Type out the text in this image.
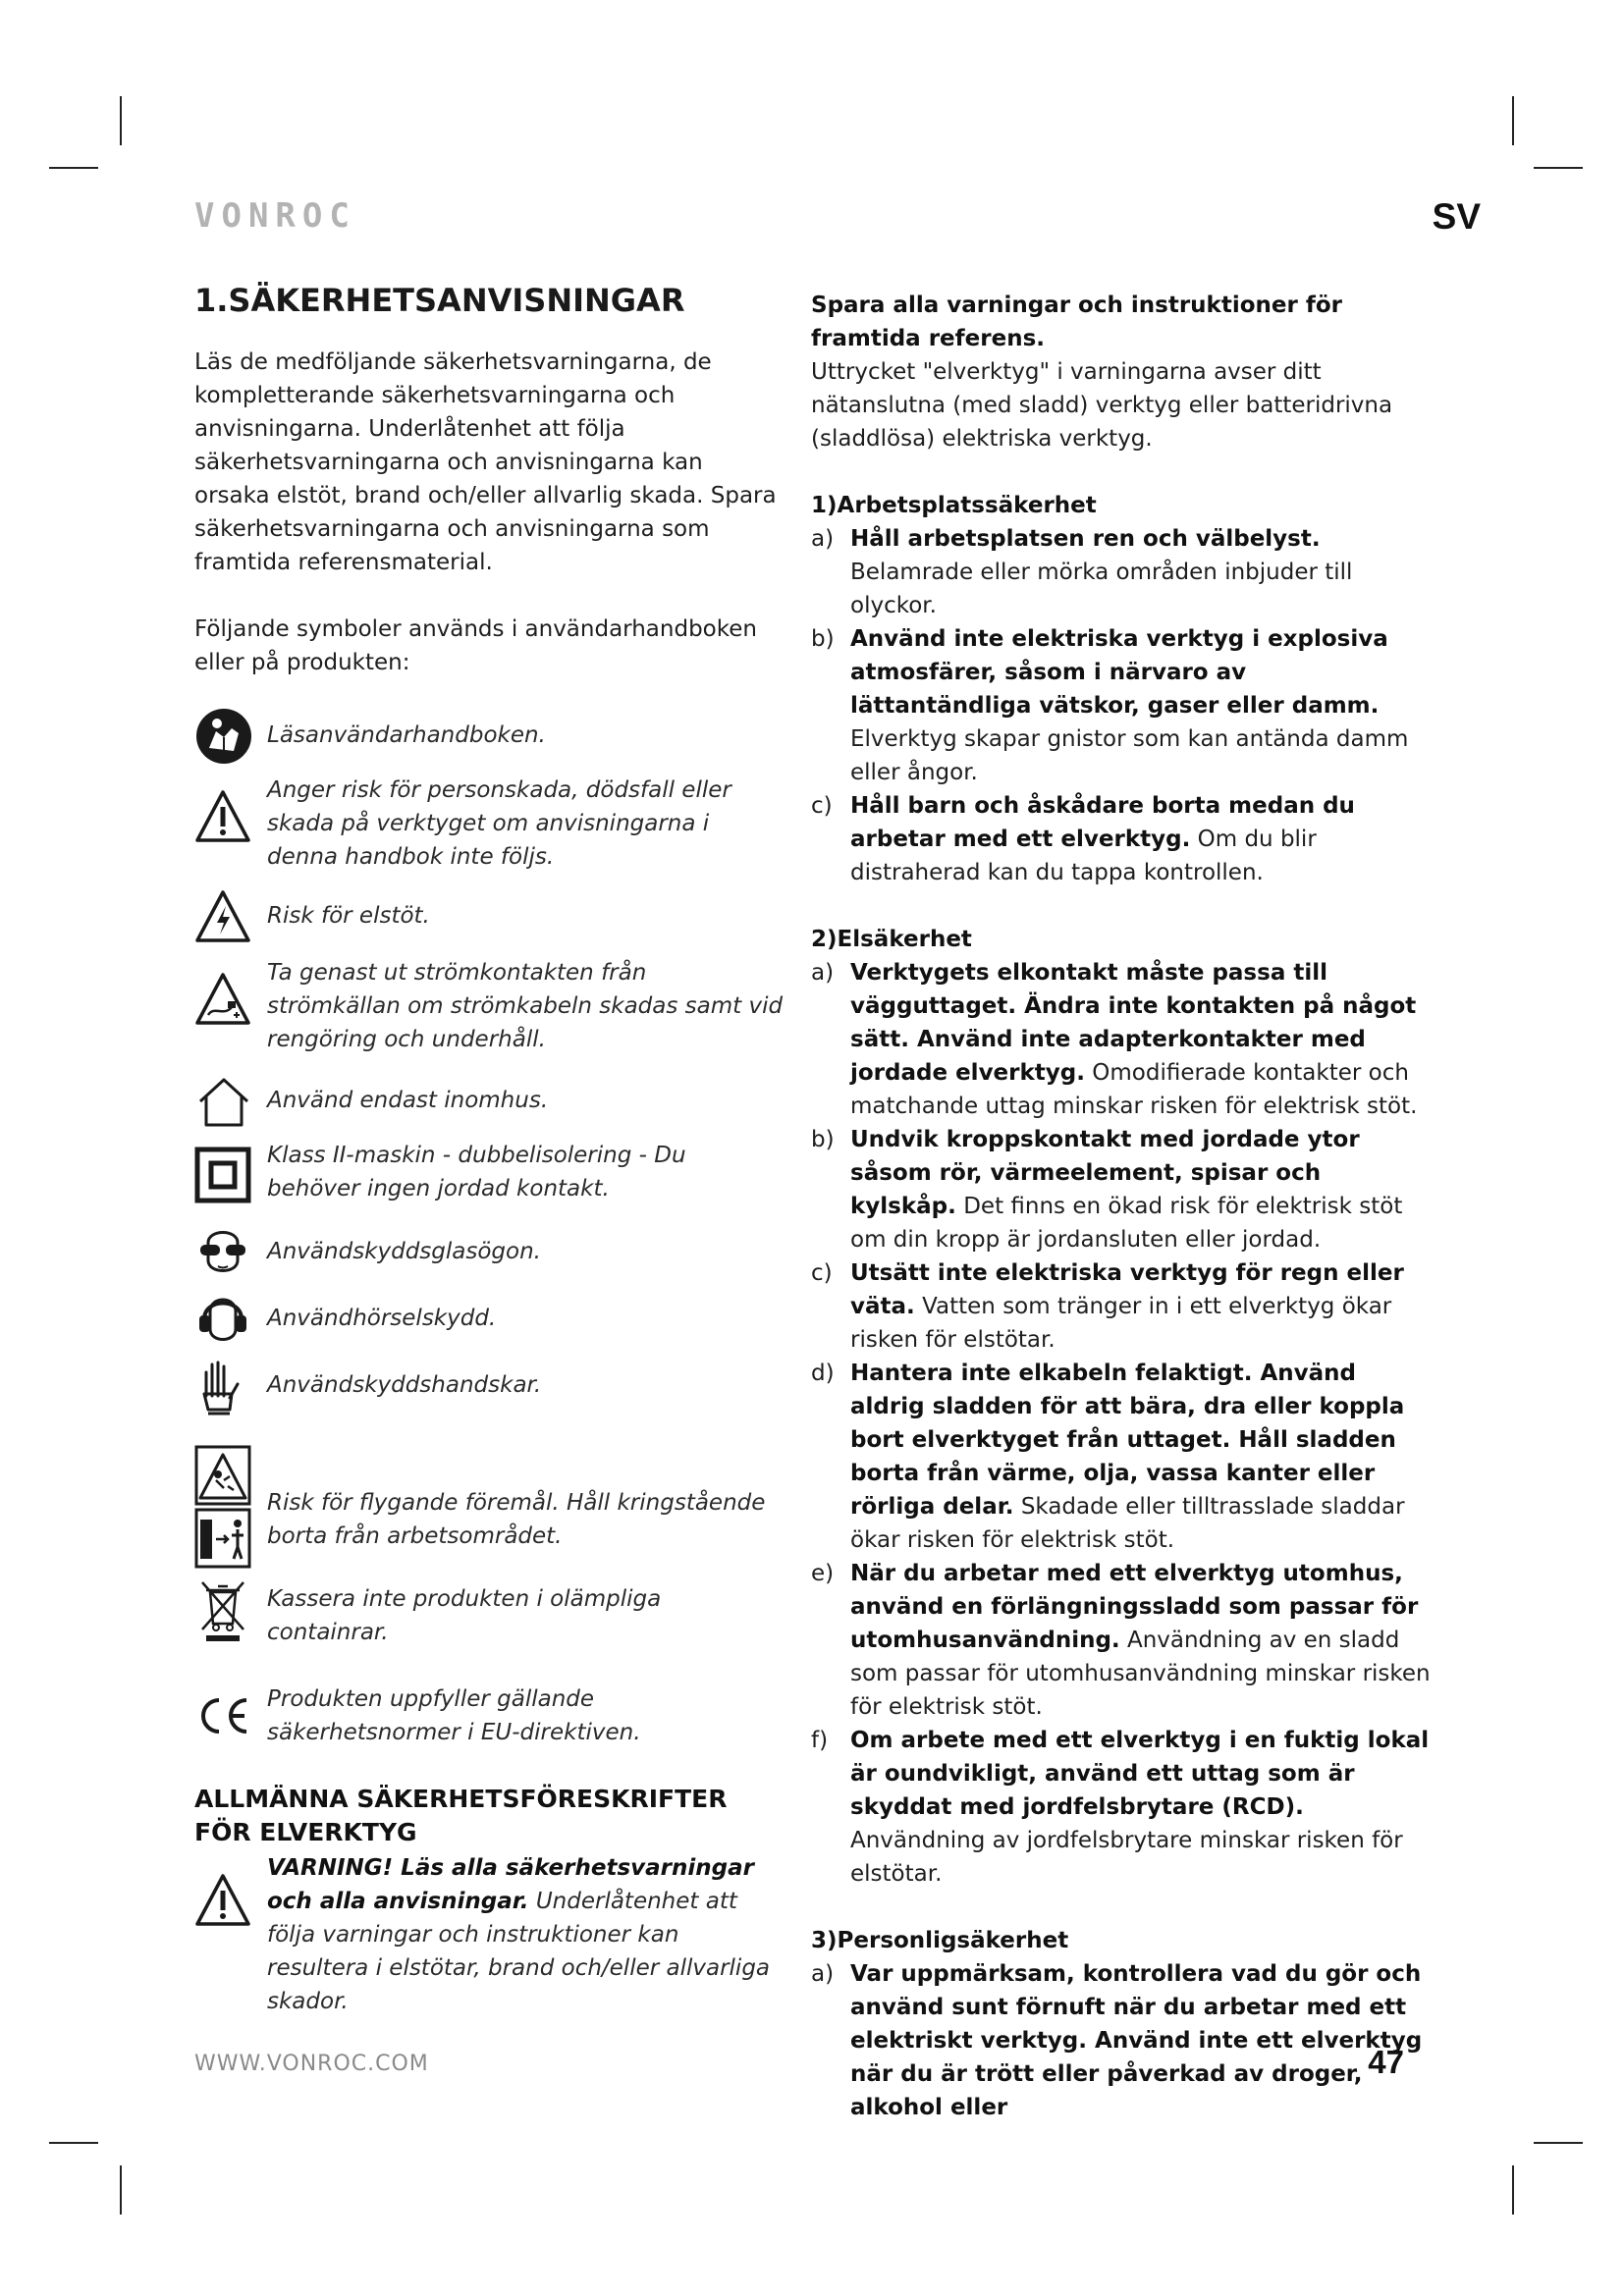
VONROC	SV

1.SÄKERHETSANVISNINGAR

Läs de medföljande säkerhetsvarningarna, de kompletterande säkerhetsvarningarna och anvisningarna. Underlåtenhet att följa säkerhetsvarningarna och anvisningarna kan orsaka elstöt, brand och/eller allvarlig skada. Spara säkerhetsvarningarna och anvisningarna som framtida referensmaterial.

Följande symboler används i användarhandboken eller på produkten:

Läsanvändarhandboken.
Anger risk för personskada, dödsfall eller skada på verktyget om anvisningarna i denna handbok inte följs.
Risk för elstöt.
Ta genast ut strömkontakten från strömkällan om strömkabeln skadas samt vid rengöring och underhåll.
Använd endast inomhus.
Klass II-maskin - dubbelisolering - Du behöver ingen jordad kontakt.
Användskyddsglasögon.
Användhörselskydd.
Användskyddshandskar.
Risk för flygande föremål. Håll kringstående borta från arbetsområdet.
Kassera inte produkten i olämpliga containrar.
Produkten uppfyller gällande säkerhetsnormer i EU-direktiven.
ALLMÄNNA SÄKERHETSFÖRESKRIFTER FÖR ELVERKTYG

VARNING! Läs alla säkerhetsvarningar och alla anvisningar. Underlåtenhet att följa varningar och instruktioner kan resultera i elstötar, brand och/eller allvarliga skador.

Spara alla varningar och instruktioner för framtida referens.

Uttrycket "elverktyg" i varningarna avser ditt nätanslutna (med sladd) verktyg eller batteridrivna (sladdlösa) elektriska verktyg.

1)Arbetsplatssäkerhet

a) Håll arbetsplatsen ren och välbelyst. Belamrade eller mörka områden inbjuder till olyckor.
b) Använd inte elektriska verktyg i explosiva atmosfärer, såsom i närvaro av lättantändliga vätskor, gaser eller damm. Elverktyg skapar gnistor som kan antända damm eller ångor.
c) Håll barn och åskådare borta medan du arbetar med ett elverktyg. Om du blir distraherad kan du tappa kontrollen.

2)Elsäkerhet

a) Verktygets elkontakt måste passa till vägguttaget. Ändra inte kontakten på något sätt. Använd inte adapterkontakter med jordade elverktyg. Omodifierade kontakter och matchande uttag minskar risken för elektrisk stöt.
b) Undvik kroppskontakt med jordade ytor såsom rör, värmeelement, spisar och kylskåp. Det finns en ökad risk för elektrisk stöt om din kropp är jordansluten eller jordad.
c) Utsätt inte elektriska verktyg för regn eller väta. Vatten som tränger in i ett elverktyg ökar risken för elstötar.
d) Hantera inte elkabeln felaktigt. Använd aldrig sladden för att bära, dra eller koppla bort elverktyget från uttaget. Håll sladden borta från värme, olja, vassa kanter eller rörliga delar. Skadade eller tilltrasslade sladdar ökar risken för elektrisk stöt.
e) När du arbetar med ett elverktyg utomhus, använd en förlängningssladd som passar för utomhusanvändning. Användning av en sladd som passar för utomhusanvändning minskar risken för elektrisk stöt.
f) Om arbete med ett elverktyg i en fuktig lokal är oundvikligt, använd ett uttag som är skyddat med jordfelsbrytare (RCD). Användning av jordfelsbrytare minskar risken för elstötar.

3)Personligsäkerhet

a) Var uppmärksam, kontrollera vad du gör och använd sunt förnuft när du arbetar med ett elektriskt verktyg. Använd inte ett elverktyg när du är trött eller påverkad av droger, alkohol eller

WWW.VONROC.COM	47
